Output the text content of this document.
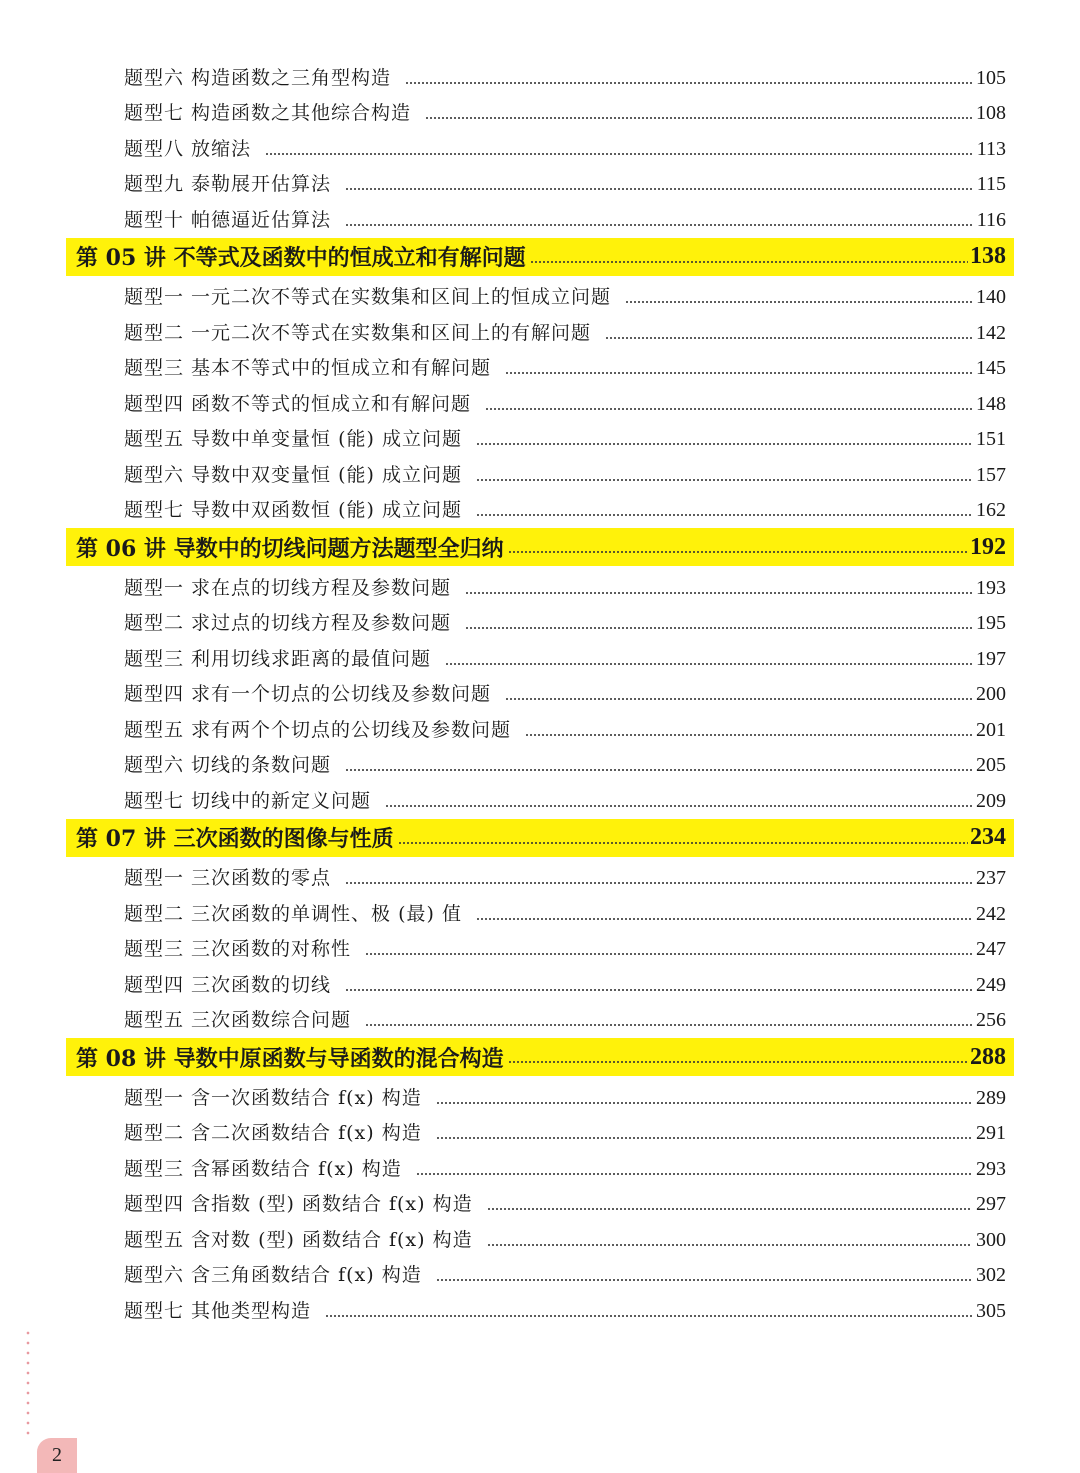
题型六 构造函数之三角型构造	105
题型七 构造函数之其他综合构造	108
题型八 放缩法	113
题型九 泰勒展开估算法	115
题型十 帕德逼近估算法	116
第 05 讲 不等式及函数中的恒成立和有解问题	138
题型一 一元二次不等式在实数集和区间上的恒成立问题	140
题型二 一元二次不等式在实数集和区间上的有解问题	142
题型三 基本不等式中的恒成立和有解问题	145
题型四 函数不等式的恒成立和有解问题	148
题型五 导数中单变量恒 (能) 成立问题	151
题型六 导数中双变量恒 (能) 成立问题	157
题型七 导数中双函数恒 (能) 成立问题	162
第 06 讲 导数中的切线问题方法题型全归纳	192
题型一 求在点的切线方程及参数问题	193
题型二 求过点的切线方程及参数问题	195
题型三 利用切线求距离的最值问题	197
题型四 求有一个切点的公切线及参数问题	200
题型五 求有两个个切点的公切线及参数问题	201
题型六 切线的条数问题	205
题型七 切线中的新定义问题	209
第 07 讲 三次函数的图像与性质	234
题型一 三次函数的零点	237
题型二 三次函数的单调性、极 (最) 值	242
题型三 三次函数的对称性	247
题型四 三次函数的切线	249
题型五 三次函数综合问题	256
第 08 讲 导数中原函数与导函数的混合构造	288
题型一 含一次函数结合 f(x) 构造	289
题型二 含二次函数结合 f(x) 构造	291
题型三 含幂函数结合 f(x) 构造	293
题型四 含指数 (型) 函数结合 f(x) 构造	297
题型五 含对数 (型) 函数结合 f(x) 构造	300
题型六 含三角函数结合 f(x) 构造	302
题型七 其他类型构造	305
2
